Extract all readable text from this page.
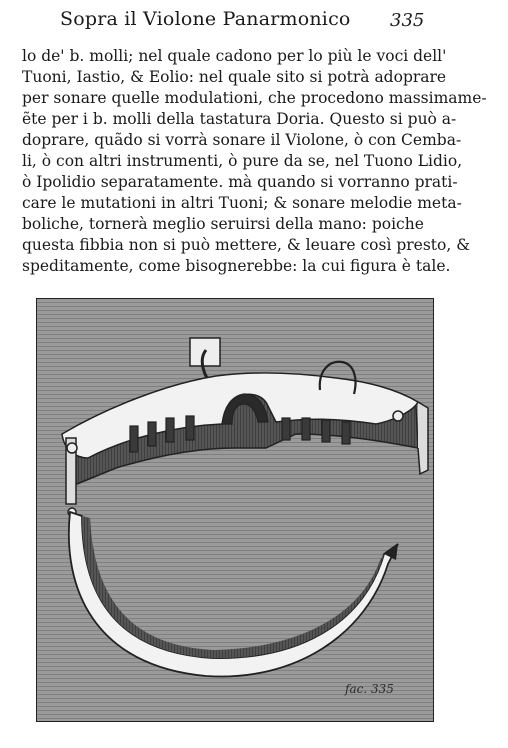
Sopra il Violone Panarmonico	335
lo de' b. molli; nel quale cadono per lo più le voci dell'
Tuoni, Iastio, & Eolio: nel quale sito si potrà adoprare
per sonare quelle modulationi, che procedono massimame-
ẽte per i b. molli della tastatura Doria. Questo si può a-
doprare, quãdo si vorrà sonare il Violone, ò con Cemba-
li, ò con altri instrumenti, ò pure da se, nel Tuono Lidio,
ò Ipolidio separatamente. mà quando si vorranno prati-
care le mutationi in altri Tuoni; & sonare melodie meta-
boliche, tornerà meglio seruirsi della mano: poiche
questa fibbia non si può mettere, & leuare così presto, &
speditamente, come bisognerebbe: la cui figura è tale.
fac. 335
